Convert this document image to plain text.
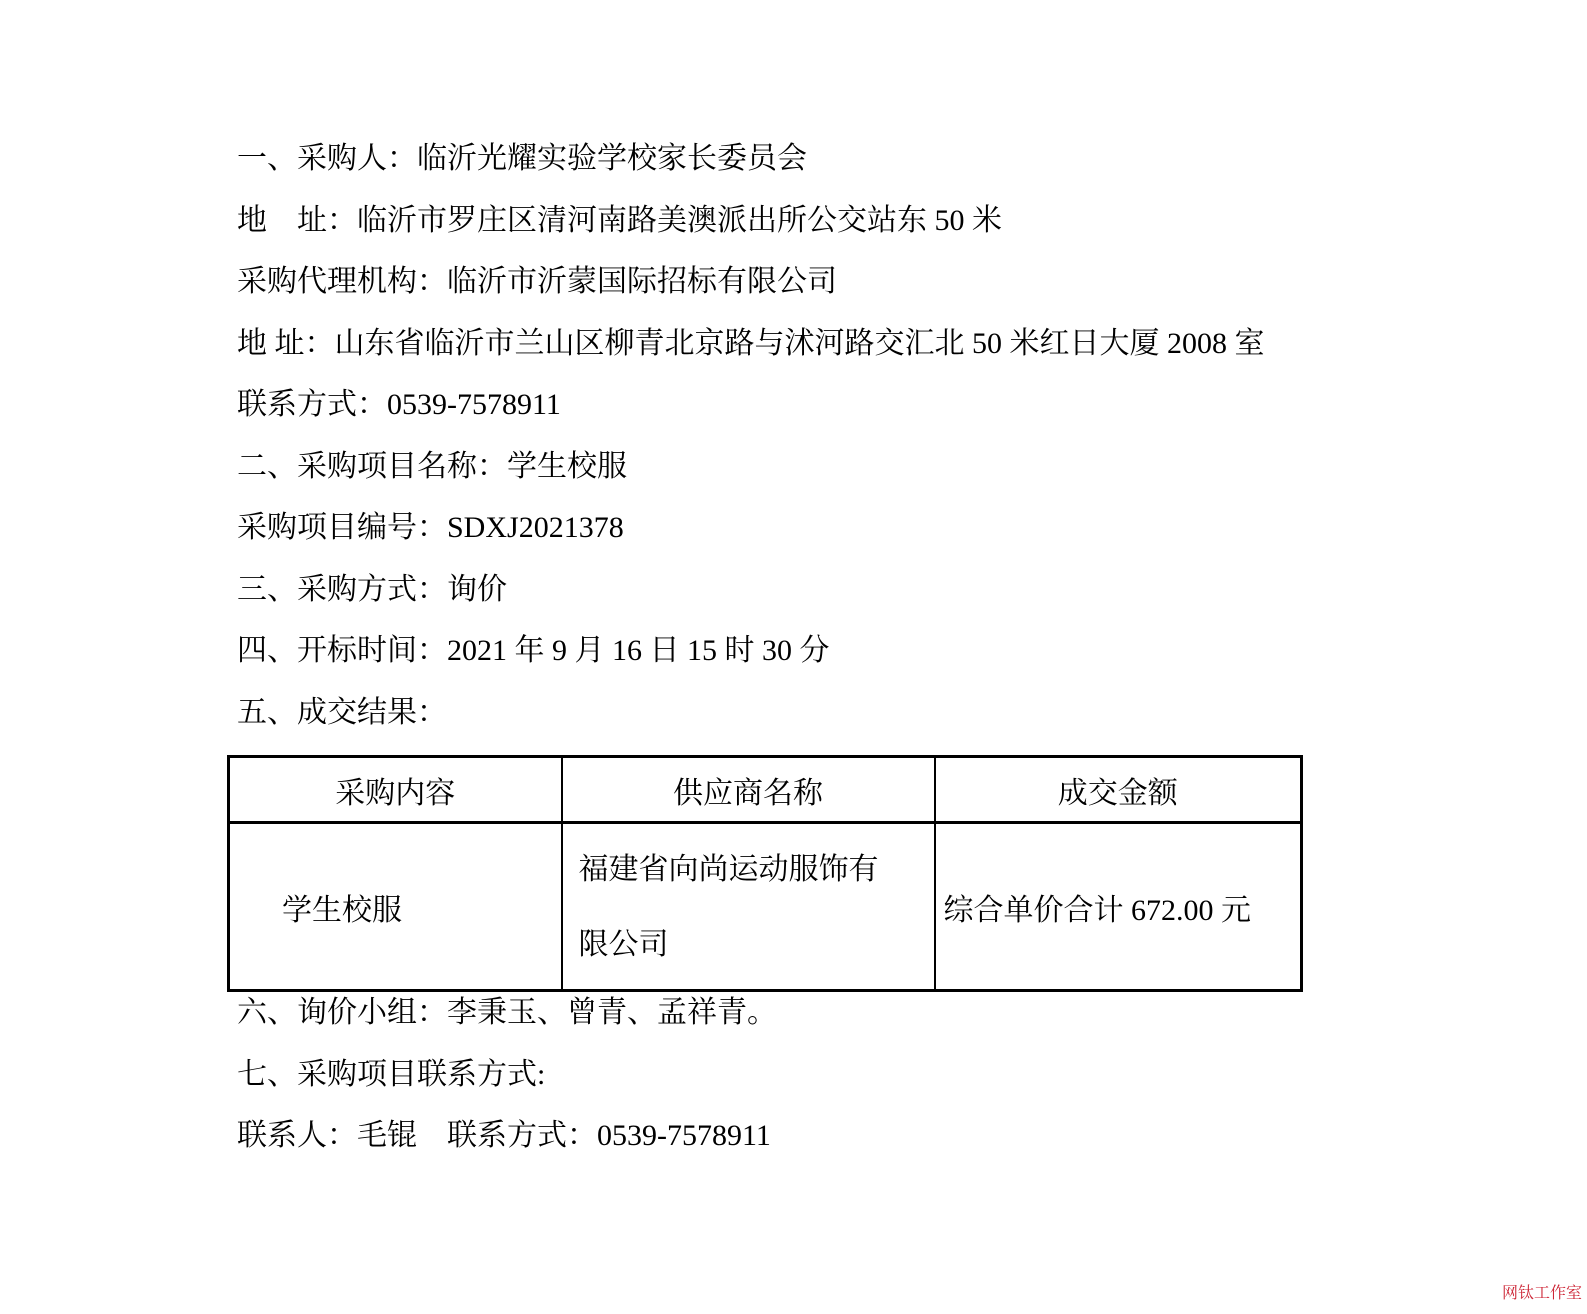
一、采购人：临沂光耀实验学校家长委员会

地　址：临沂市罗庄区清河南路美澳派出所公交站东 50 米

采购代理机构：临沂市沂蒙国际招标有限公司

地 址：山东省临沂市兰山区柳青北京路与沭河路交汇北 50 米红日大厦 2008 室

联系方式：0539-7578911

二、采购项目名称：学生校服

采购项目编号：SDXJ2021378

三、采购方式：询价

四、开标时间：2021 年 9 月 16 日 15 时 30 分

五、成交结果：

采购内容	供应商名称	成交金额
学生校服	福建省向尚运动服饰有限公司	综合单价合计 672.00 元

六、询价小组：李秉玉、曾青、孟祥青。

七、采购项目联系方式:

联系人：毛锟　联系方式：0539-7578911

网钛工作室
